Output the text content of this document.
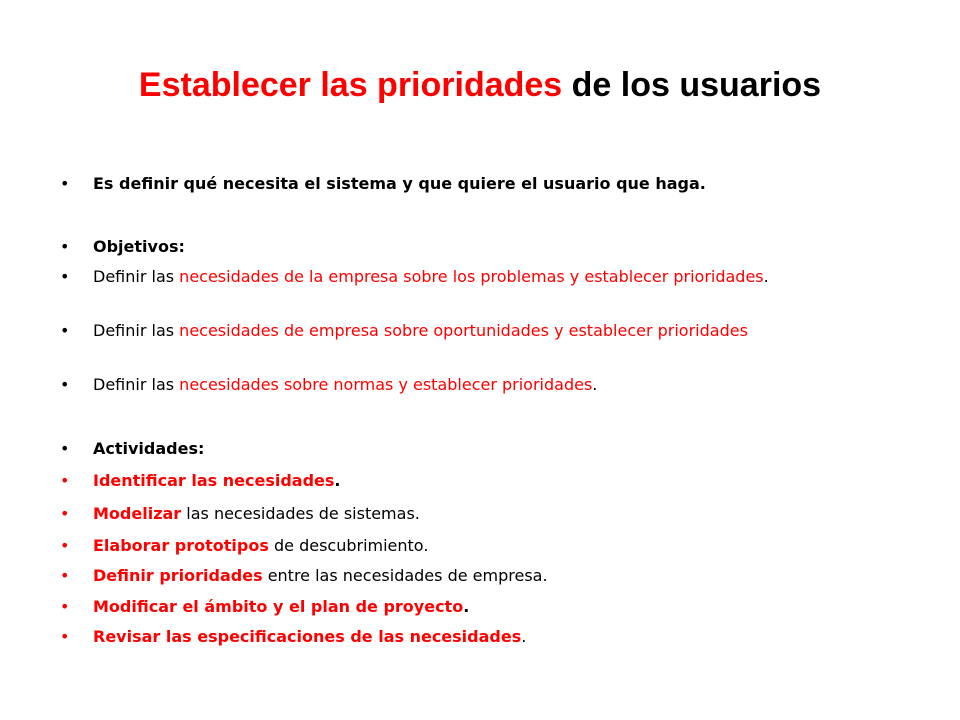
Establecer las prioridades de los usuarios
•	Es definir qué necesita el sistema y que quiere el usuario que haga.
•	Objetivos:
•	Definir las necesidades de la empresa sobre los problemas y establecer prioridades.
•	Definir las necesidades de empresa sobre oportunidades y establecer prioridades
•	Definir las necesidades sobre normas y establecer prioridades.
•	Actividades:
•	Identificar las necesidades.
•	Modelizar las necesidades de sistemas.
•	Elaborar prototipos de descubrimiento.
•	Definir prioridades entre las necesidades de empresa.
•	Modificar el ámbito y el plan de proyecto.
•	Revisar las especificaciones de las necesidades.
